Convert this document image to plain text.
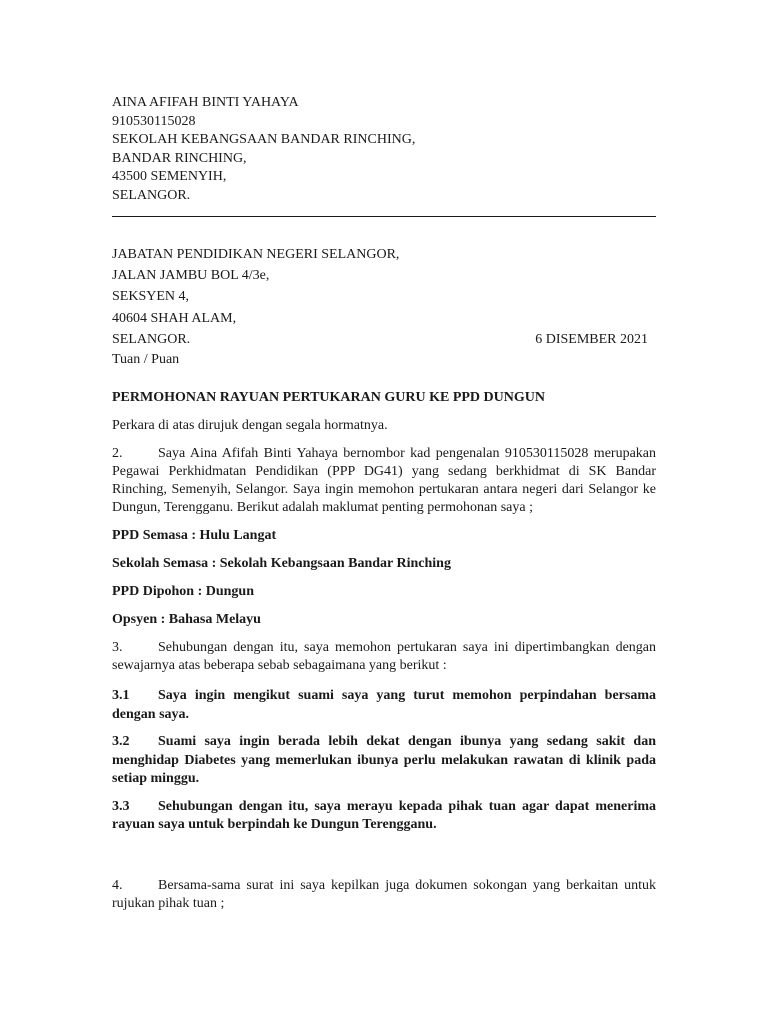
AINA AFIFAH BINTI YAHAYA
910530115028
SEKOLAH KEBANGSAAN BANDAR RINCHING,
BANDAR RINCHING,
43500 SEMENYIH,
SELANGOR.
JABATAN PENDIDIKAN NEGERI SELANGOR,
JALAN JAMBU BOL 4/3e,
SEKSYEN 4,
40604 SHAH ALAM,
SELANGOR.	6 DISEMBER 2021
Tuan / Puan
PERMOHONAN RAYUAN PERTUKARAN GURU KE PPD DUNGUN

Perkara di atas dirujuk dengan segala hormatnya.

2.	Saya Aina Afifah Binti Yahaya bernombor kad pengenalan 910530115028 merupakan Pegawai Perkhidmatan Pendidikan (PPP DG41) yang sedang berkhidmat di SK Bandar Rinching, Semenyih, Selangor. Saya ingin memohon pertukaran antara negeri dari Selangor ke Dungun, Terengganu. Berikut adalah maklumat penting permohonan saya ;

PPD Semasa : Hulu Langat

Sekolah Semasa : Sekolah Kebangsaan Bandar Rinching

PPD Dipohon : Dungun

Opsyen : Bahasa Melayu

3.	Sehubungan dengan itu, saya memohon pertukaran saya ini dipertimbangkan dengan sewajarnya atas beberapa sebab sebagaimana yang berikut :

3.1 Saya ingin mengikut suami saya yang turut memohon perpindahan bersama dengan saya.

3.2 Suami saya ingin berada lebih dekat dengan ibunya yang sedang sakit dan menghidap Diabetes yang memerlukan ibunya perlu melakukan rawatan di klinik pada setiap minggu.

3.3 Sehubungan dengan itu, saya merayu kepada pihak tuan agar dapat menerima rayuan saya untuk berpindah ke Dungun Terengganu.

4.	Bersama-sama surat ini saya kepilkan juga dokumen sokongan yang berkaitan untuk rujukan pihak tuan ;
